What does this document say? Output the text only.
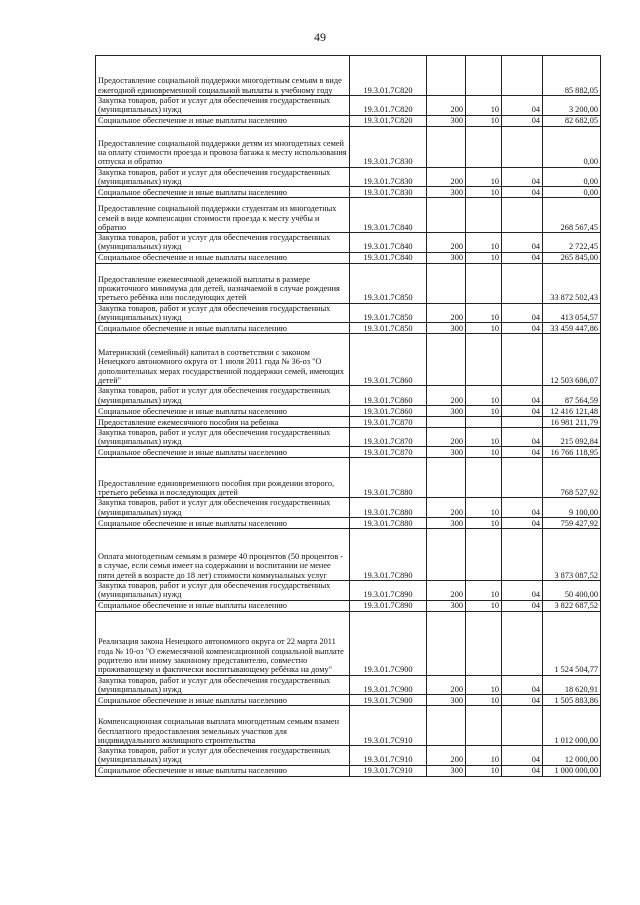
49
Предоставление социальной поддержки многодетным семьям в виде ежегодной единовременной социальной выплаты к учебному году	19.3.01.7С820				85 882,05
Закупка товаров, работ и услуг для обеспечения государственных (муниципальных) нужд	19.3.01.7С820	200	10	04	3 200,00
Социальное обеспечение и иные выплаты населению	19.3.01.7С820	300	10	04	82 682,05
Предоставление социальной поддержки детям из многодетных семей на оплату стоимости проезда и провоза багажа к месту использования отпуска и обратно	19.3.01.7С830				0,00
Закупка товаров, работ и услуг для обеспечения государственных (муниципальных) нужд	19.3.01.7С830	200	10	04	0,00
Социальное обеспечение и иные выплаты населению	19.3.01.7С830	300	10	04	0,00
Предоставление социальной поддержки студентам из многодетных семей в виде компенсации стоимости проезда к месту учёбы и обратно	19.3.01.7С840				268 567,45
Закупка товаров, работ и услуг для обеспечения государственных (муниципальных) нужд	19.3.01.7С840	200	10	04	2 722,45
Социальное обеспечение и иные выплаты населению	19.3.01.7С840	300	10	04	265 845,00
Предоставление ежемесячной денежной выплаты в размере прожиточного минимума для детей, назначаемой в случае рождения третьего ребёнка или последующих детей	19.3.01.7С850				33 872 502,43
Закупка товаров, работ и услуг для обеспечения государственных (муниципальных) нужд	19.3.01.7С850	200	10	04	413 054,57
Социальное обеспечение и иные выплаты населению	19.3.01.7С850	300	10	04	33 459 447,86
Материнский (семейный) капитал в соответствии с законом Ненецкого автономного округа от 1 июля 2011 года № 36-оз "О дополнительных мерах государственной поддержки семей, имеющих детей"	19.3.01.7С860				12 503 686,07
Закупка товаров, работ и услуг для обеспечения государственных (муниципальных) нужд	19.3.01.7С860	200	10	04	87 564,59
Социальное обеспечение и иные выплаты населению	19.3.01.7С860	300	10	04	12 416 121,48
Предоставление ежемесячного пособия на ребенка	19.3.01.7С870				16 981 211,79
Закупка товаров, работ и услуг для обеспечения государственных (муниципальных) нужд	19.3.01.7С870	200	10	04	215 092,84
Социальное обеспечение и иные выплаты населению	19.3.01.7С870	300	10	04	16 766 118,95
Предоставление единовременного пособия при рождении второго, третьего ребенка и последующих детей	19.3.01.7С880				768 527,92
Закупка товаров, работ и услуг для обеспечения государственных (муниципальных) нужд	19.3.01.7С880	200	10	04	9 100,00
Социальное обеспечение и иные выплаты населению	19.3.01.7С880	300	10	04	759 427,92
Оплата многодетным семьям в размере 40 процентов (50 процентов - в случае, если семья имеет на содержании и воспитании не менее пяти детей в возрасте до 18 лет) стоимости коммунальных услуг	19.3.01.7С890				3 873 087,52
Закупка товаров, работ и услуг для обеспечения государственных (муниципальных) нужд	19.3.01.7С890	200	10	04	50 400,00
Социальное обеспечение и иные выплаты населению	19.3.01.7С890	300	10	04	3 822 687,52
Реализация закона Ненецкого автономного округа от 22 марта 2011 года № 10-оз "О ежемесячной компенсационной социальной выплате родителю или иному законному представителю, совместно проживающему и фактически воспитывающему ребёнка на дому"	19.3.01.7С900				1 524 504,77
Закупка товаров, работ и услуг для обеспечения государственных (муниципальных) нужд	19.3.01.7С900	200	10	04	18 620,91
Социальное обеспечение и иные выплаты населению	19.3.01.7С900	300	10	04	1 505 883,86
Компенсационная социальная выплата многодетным семьям взамен бесплатного предоставления земельных участков для индивидуального жилищного строительства	19.3.01.7С910				1 012 000,00
Закупка товаров, работ и услуг для обеспечения государственных (муниципальных) нужд	19.3.01.7С910	200	10	04	12 000,00
Социальное обеспечение и иные выплаты населению	19.3.01.7С910	300	10	04	1 000 000,00
